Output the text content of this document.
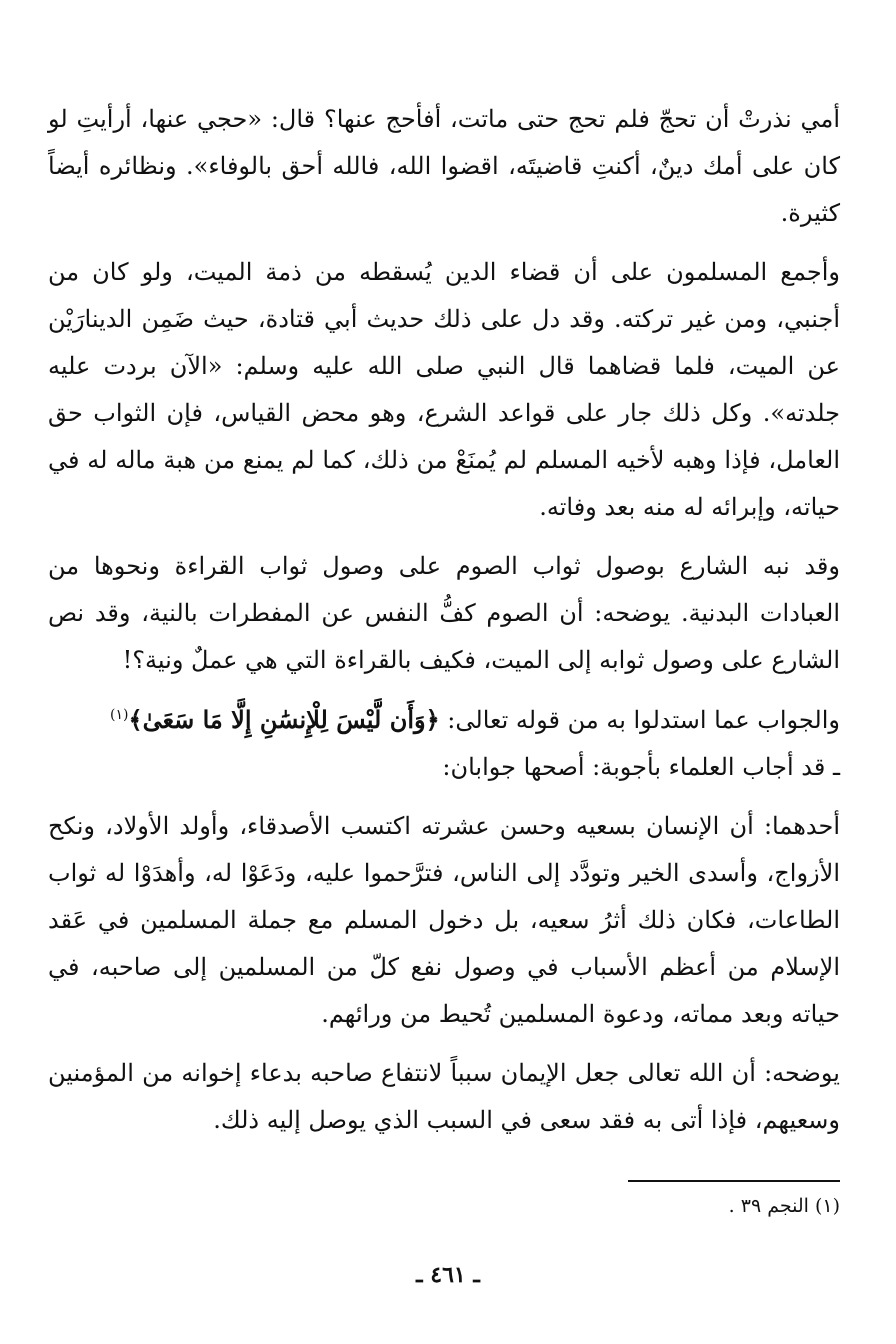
أمي نذرتْ أن تحجّ فلم تحج حتى ماتت، أفأحج عنها؟ قال: «حجي عنها، أرأيتِ لو كان على أمك دينٌ، أكنتِ قاضيتَه، اقضوا الله، فالله أحق بالوفاء». ونظائره أيضاً كثيرة.

وأجمع المسلمون على أن قضاء الدين يُسقطه من ذمة الميت، ولو كان من أجنبي، ومن غير تركته. وقد دل على ذلك حديث أبي قتادة، حيث ضَمِن الدينارَيْن عن الميت، فلما قضاهما قال النبي صلى الله عليه وسلم: «الآن بردت عليه جلدته». وكل ذلك جار على قواعد الشرع، وهو محض القياس، فإن الثواب حق العامل، فإذا وهبه لأخيه المسلم لم يُمنَعْ من ذلك، كما لم يمنع من هبة ماله له في حياته، وإبرائه له منه بعد وفاته.

وقد نبه الشارع بوصول ثواب الصوم على وصول ثواب القراءة ونحوها من العبادات البدنية. يوضحه: أن الصوم كفُّ النفس عن المفطرات بالنية، وقد نص الشارع على وصول ثوابه إلى الميت، فكيف بالقراءة التي هي عملٌ ونية؟!

والجواب عما استدلوا به من قوله تعالى: ﴿وَأَن لَّيْسَ لِلْإِنسَٰنِ إِلَّا مَا سَعَىٰ﴾$^{(١)}$

ـ قد أجاب العلماء بأجوبة: أصحها جوابان:

أحدهما: أن الإنسان بسعيه وحسن عشرته اكتسب الأصدقاء، وأولد الأولاد، ونكح الأزواج، وأسدى الخير وتودَّد إلى الناس، فترَّحموا عليه، ودَعَوْا له، وأهدَوْا له ثواب الطاعات، فكان ذلك أثرُ سعيه، بل دخول المسلم مع جملة المسلمين في عَقد الإسلام من أعظم الأسباب في وصول نفع كلّ من المسلمين إلى صاحبه، في حياته وبعد مماته، ودعوة المسلمين تُحيط من ورائهم.

يوضحه: أن الله تعالى جعل الإيمان سبباً لانتفاع صاحبه بدعاء إخوانه من المؤمنين وسعيهم، فإذا أتى به فقد سعى في السبب الذي يوصل إليه ذلك.

(١) النجم ٣٩ .
ـ ٤٦١ ـ
